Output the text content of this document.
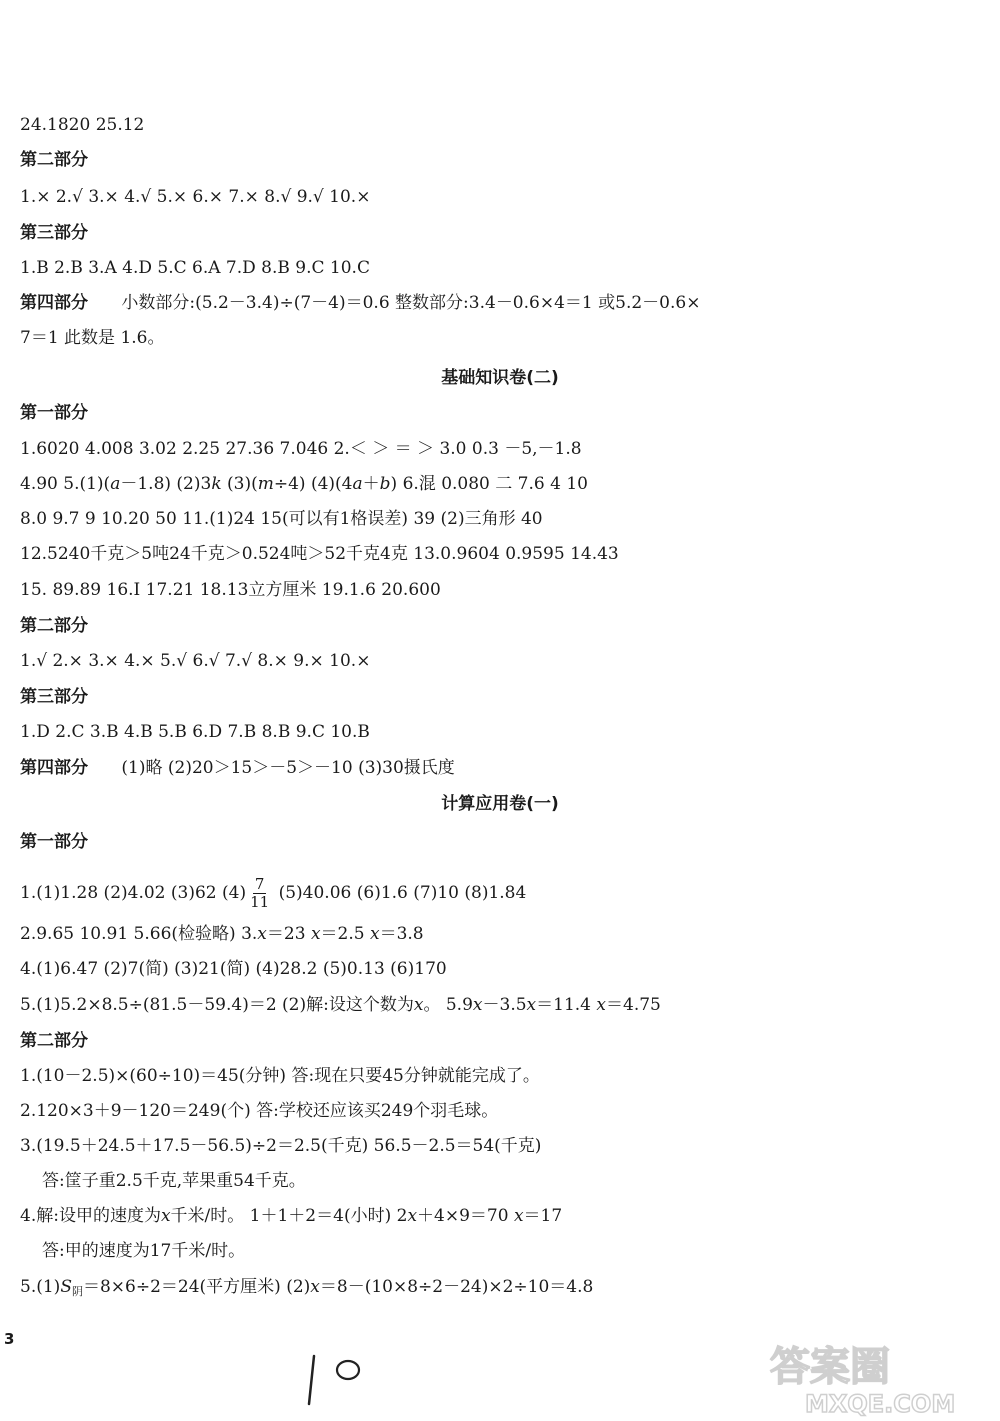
24.1820 25.12
第二部分
1.× 2.√ 3.× 4.√ 5.× 6.× 7.× 8.√ 9.√ 10.×
第三部分
1.B 2.B 3.A 4.D 5.C 6.A 7.D 8.B 9.C 10.C
第四部分 小数部分:(5.2－3.4)÷(7－4)＝0.6 整数部分:3.4－0.6×4＝1 或5.2－0.6×
7＝1 此数是 1.6。
基础知识卷(二)
第一部分
1.6020 4.008 3.02 2.25 27.36 7.046 2.＜ ＞ ＝ ＞ 3.0 0.3 －5,－1.8
4.90 5.(1)(a－1.8) (2)3k (3)(m÷4) (4)(4a＋b) 6.混 0.080 二 7.6 4 10
8.0 9.7 9 10.20 50 11.(1)24 15(可以有1格误差) 39 (2)三角形 40
12.5240千克＞5吨24千克＞0.524吨＞52千克4克 13.0.9604 0.9595 14.43
15. 89.89 16.Ⅰ 17.21 18.13立方厘米 19.1.6 20.600
第二部分
1.√ 2.× 3.× 4.× 5.√ 6.√ 7.√ 8.× 9.× 10.×
第三部分
1.D 2.C 3.B 4.B 5.B 6.D 7.B 8.B 9.C 10.B
第四部分 (1)略 (2)20＞15＞－5＞－10 (3)30摄氏度
计算应用卷(一)
第一部分
1.(1)1.28 (2)4.02 (3)62 $(4) \frac{7}{11} (5)40.06$ (6)1.6 (7)10 (8)1.84
2.9.65 10.91 5.66(检验略) 3.x＝23 x＝2.5 x＝3.8
4.(1)6.47 (2)7(简) (3)21(简) (4)28.2 (5)0.13 (6)170
5.(1)5.2×8.5÷(81.5－59.4)＝2 (2)解:设这个数为x。 5.9x－3.5x＝11.4 x＝4.75
第二部分
1.(10－2.5)×(60÷10)＝45(分钟) 答:现在只要45分钟就能完成了。
2.120×3＋9－120＝249(个) 答:学校还应该买249个羽毛球。
3.(19.5＋24.5＋17.5－56.5)÷2＝2.5(千克) 56.5－2.5＝54(千克)
答:筐子重2.5千克,苹果重54千克。
4.解:设甲的速度为x千米/时。 1＋1＋2＝4(小时) 2x＋4×9＝70 x＝17
答:甲的速度为17千米/时。
$5.(1)S_阴=8\times 6\div 2=24$(平方厘米) (2)x＝8－(10×8÷2－24)×2÷10＝4.8
3
答案圈
MXQE.COM
